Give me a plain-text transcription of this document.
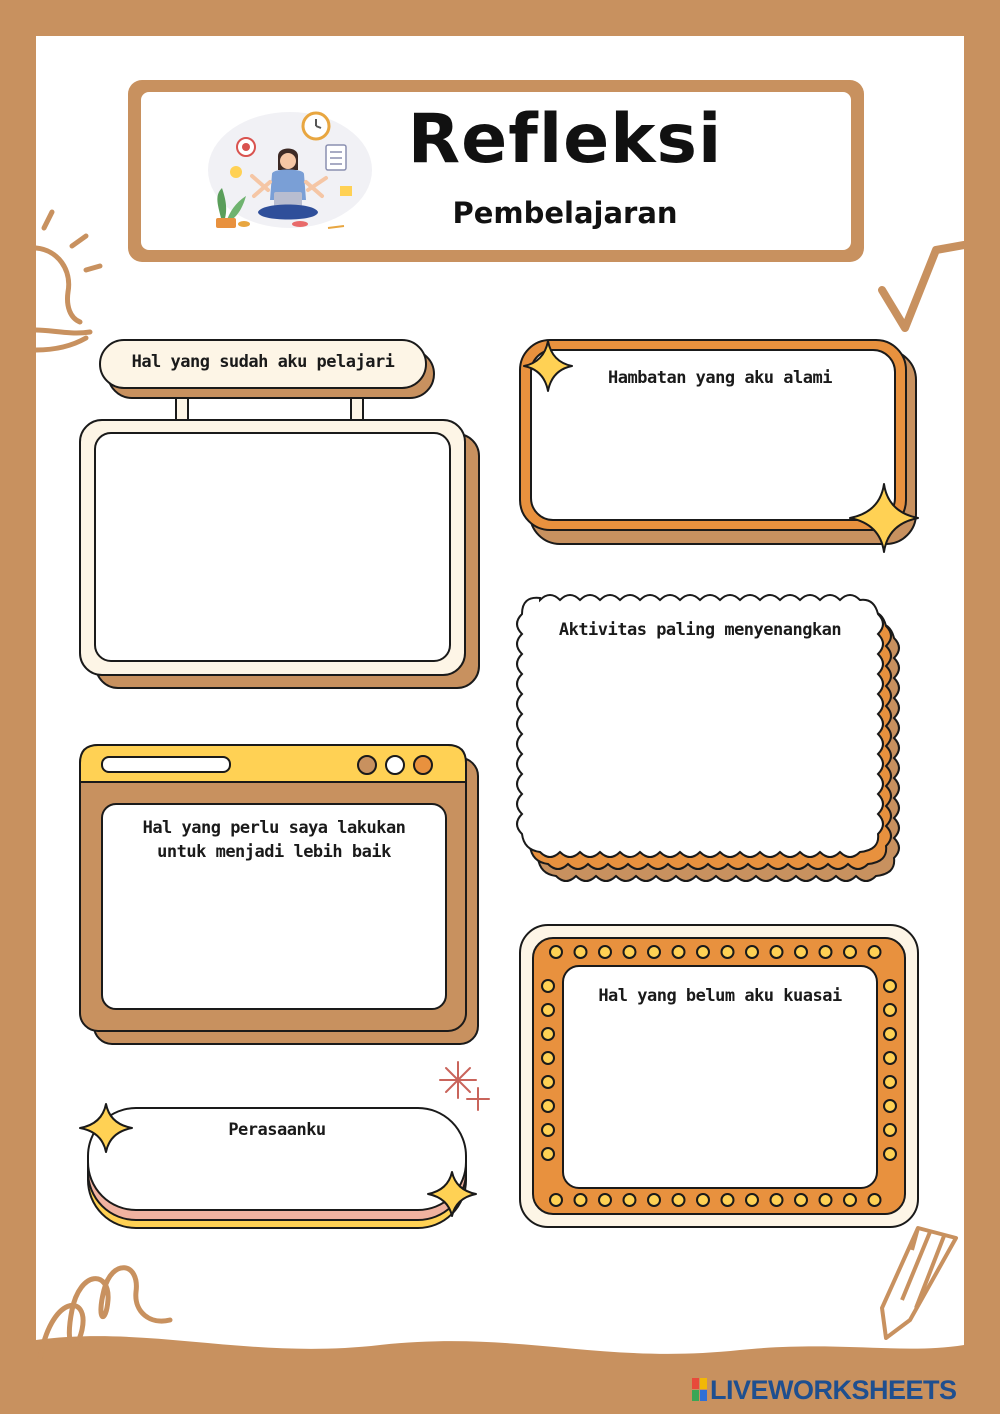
Refleksi
Pembelajaran
Hal yang sudah aku pelajari
Hambatan yang aku alami
Aktivitas paling menyenangkan
Hal yang perlu saya lakukan
untuk menjadi lebih baik
Hal yang belum aku kuasai
Perasaanku
LIVEWORKSHEETS
